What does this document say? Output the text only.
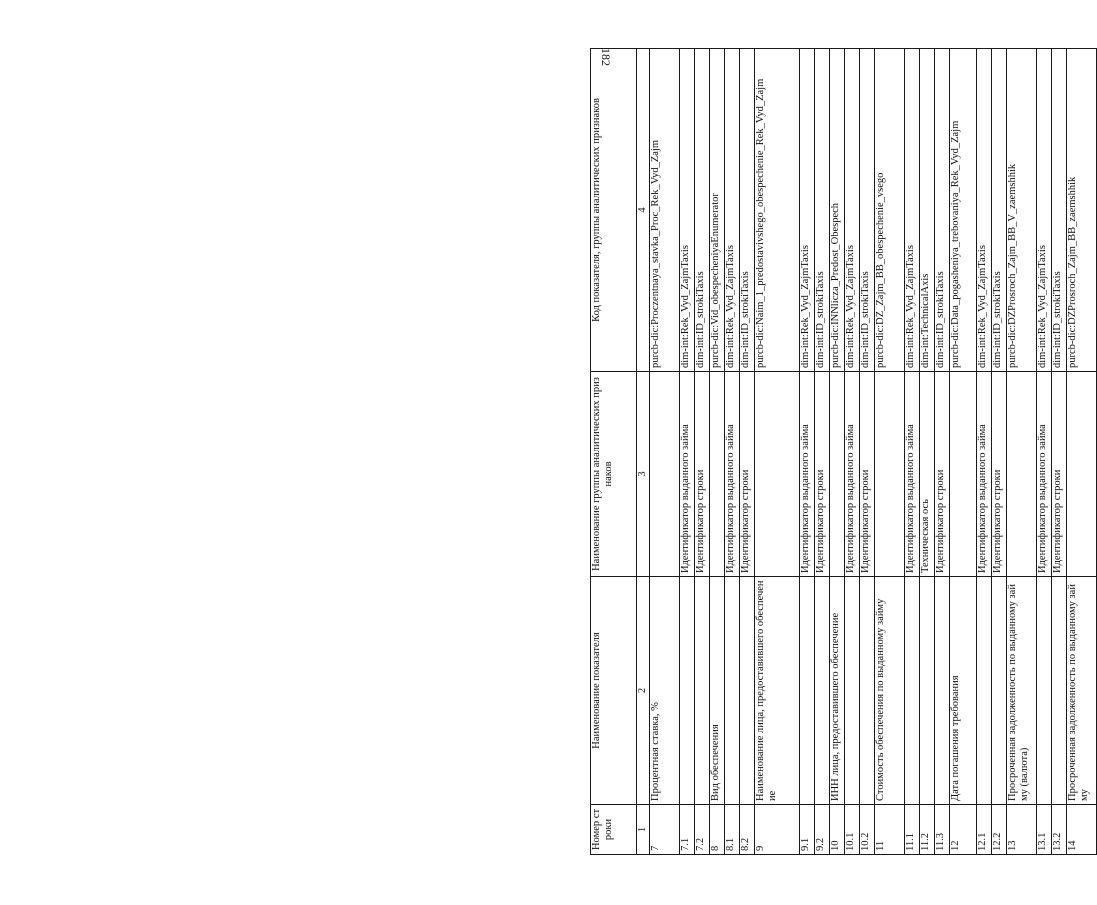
182
Номер строки	Наименование показателя	Наименование группы аналитических признаков	Код показателя, группы аналитических признаков
1	2	3	4
7	Процентная ставка, %		purcb-dic:Proczentnaya_stavka_Proc_Rek_Vyd_Zajm
7.1		Идентификатор выданного займа	dim-int:Rek_Vyd_ZajmTaxis
7.2		Идентификатор строки	dim-int:ID_strokiTaxis
8	Вид обеспечения		purcb-dic:Vid_obespecheniyaEnumerator
8.1		Идентификатор выданного займа	dim-int:Rek_Vyd_ZajmTaxis
8.2		Идентификатор строки	dim-int:ID_strokiTaxis
9	Наименование лица, предоставившего обеспечение		purcb-dic:Naim_1_predostavivshego_obespechenie_Rek_Vyd_Zajm
9.1		Идентификатор выданного займа	dim-int:Rek_Vyd_ZajmTaxis
9.2		Идентификатор строки	dim-int:ID_strokiTaxis
10	ИНН лица, предоставившего обеспечение		purcb-dic:INNlicza_Predost_Obespech
10.1		Идентификатор выданного займа	dim-int:Rek_Vyd_ZajmTaxis
10.2		Идентификатор строки	dim-int:ID_strokiTaxis
11	Стоимость обеспечения по выданному займу		purcb-dic:DZ_Zajm_BB_obespechenie_vsego
11.1		Идентификатор выданного займа	dim-int:Rek_Vyd_ZajmTaxis
11.2		Техническая ось	dim-int:TechnicalAxis
11.3		Идентификатор строки	dim-int:ID_strokiTaxis
12	Дата погашения требования		purcb-dic:Data_pogasheniya_trebovaniya_Rek_Vyd_Zajm
12.1		Идентификатор выданного займа	dim-int:Rek_Vyd_ZajmTaxis
12.2		Идентификатор строки	dim-int:ID_strokiTaxis
13	Просроченная задолженность по выданному займу (валюта)		purcb-dic:DZProsroch_Zajm_BB_V_zaemshhik
13.1		Идентификатор выданного займа	dim-int:Rek_Vyd_ZajmTaxis
13.2		Идентификатор строки	dim-int:ID_strokiTaxis
14	Просроченная задолженность по выданному займу		purcb-dic:DZProsroch_Zajm_BB_zaemshhik
